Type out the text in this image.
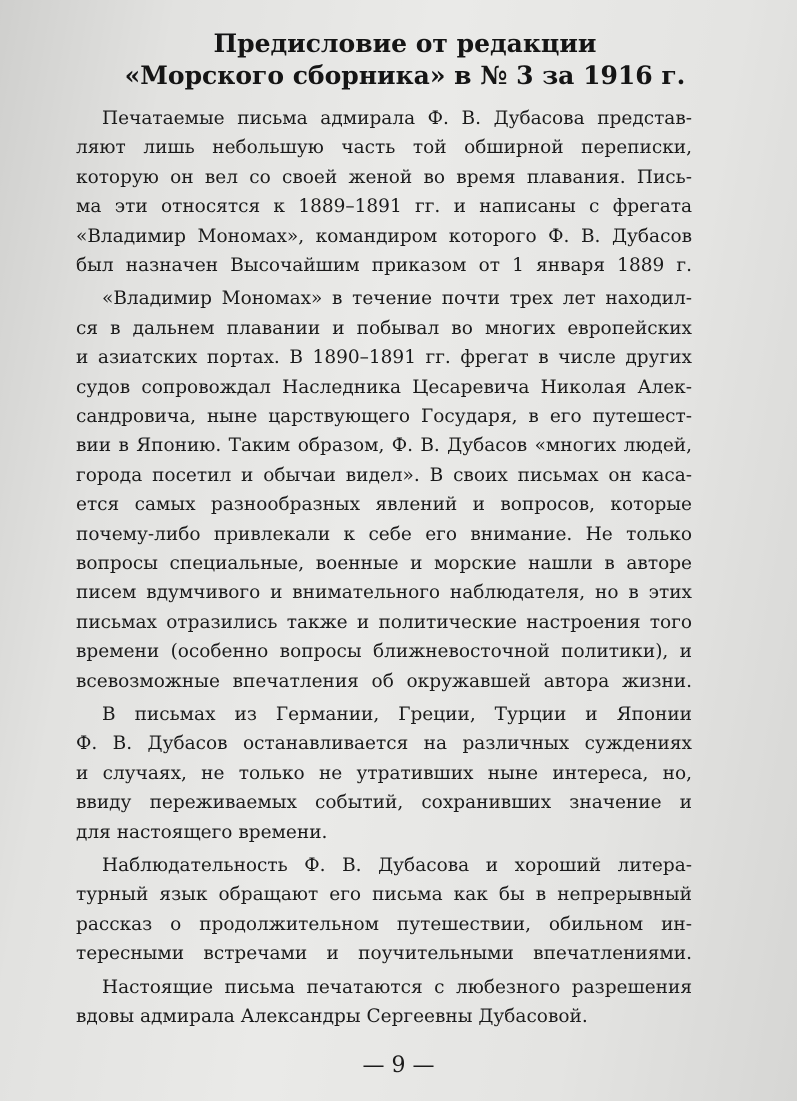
Предисловие от редакции
«Морского сборника» в № 3 за 1916 г.
Печатаемые письма адмирала Ф. В. Дубасова представ-
ляют лишь небольшую часть той обширной переписки,
которую он вел со своей женой во время плавания. Пись-
ма эти относятся к 1889–1891 гг. и написаны с фрегата
«Владимир Мономах», командиром которого Ф. В. Дубасов
был назначен Высочайшим приказом от 1 января 1889 г.
«Владимир Мономах» в течение почти трех лет находил-
ся в дальнем плавании и побывал во многих европейских
и азиатских портах. В 1890–1891 гг. фрегат в числе других
судов сопровождал Наследника Цесаревича Николая Алек-
сандровича, ныне царствующего Государя, в его путешест-
вии в Японию. Таким образом, Ф. В. Дубасов «многих людей,
города посетил и обычаи видел». В своих письмах он каса-
ется самых разнообразных явлений и вопросов, которые
почему-либо привлекали к себе его внимание. Не только
вопросы специальные, военные и морские нашли в авторе
писем вдумчивого и внимательного наблюдателя, но в этих
письмах отразились также и политические настроения того
времени (особенно вопросы ближневосточной политики), и
всевозможные впечатления об окружавшей автора жизни.
В письмах из Германии, Греции, Турции и Японии
Ф. В. Дубасов останавливается на различных суждениях
и случаях, не только не утративших ныне интереса, но,
ввиду переживаемых событий, сохранивших значение и
для настоящего времени.
Наблюдательность Ф. В. Дубасова и хороший литера-
турный язык обращают его письма как бы в непрерывный
рассказ о продолжительном путешествии, обильном ин-
тересными встречами и поучительными впечатлениями.
Настоящие письма печатаются с любезного разрешения
вдовы адмирала Александры Сергеевны Дубасовой.
— 9 —
